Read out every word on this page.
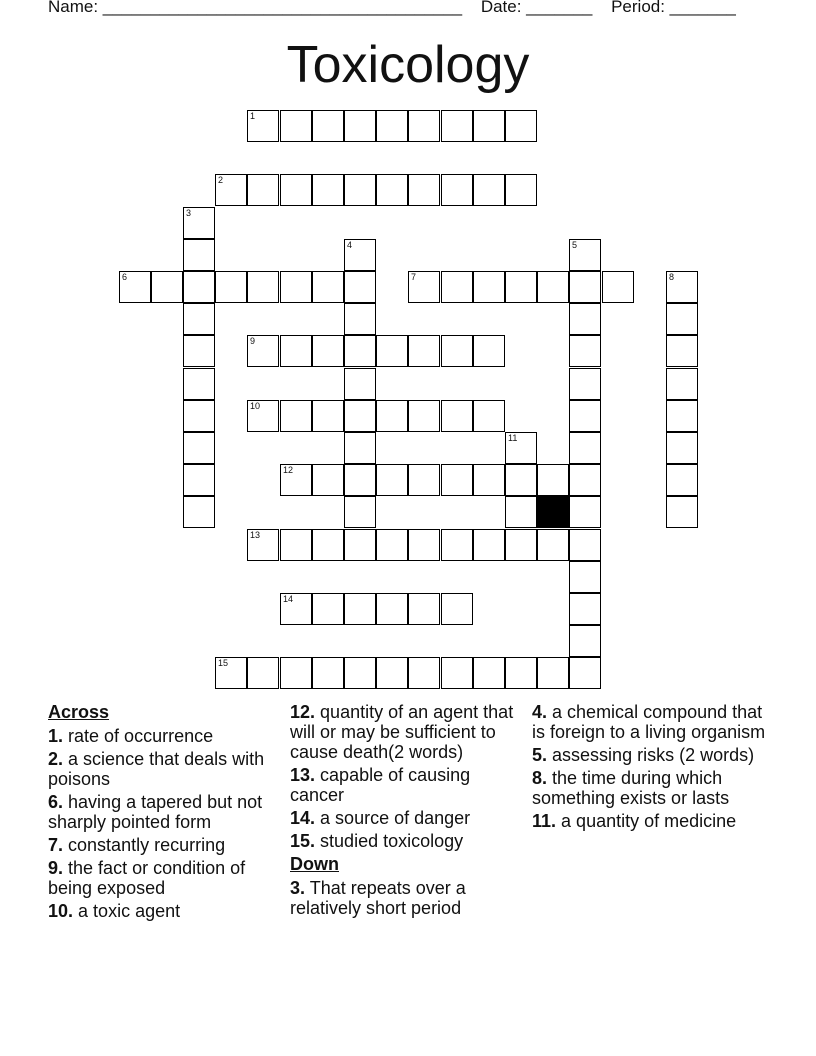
Name: ______________________________________ Date: _______ Period: _______
Toxicology
1
2
3
4	5
6	7	8
9
10
11
12
13
14
15
Across
1. rate of occurrence
2. a science that deals with poisons
6. having a tapered but not sharply pointed form
7. constantly recurring
9. the fact or condition of being exposed
10. a toxic agent
12. quantity of an agent that will or may be sufficient to cause death(2 words)
13. capable of causing cancer
14. a source of danger
15. studied toxicology
Down
3. That repeats over a relatively short period
4. a chemical compound that is foreign to a living organism
5. assessing risks (2 words)
8. the time during which something exists or lasts
11. a quantity of medicine
